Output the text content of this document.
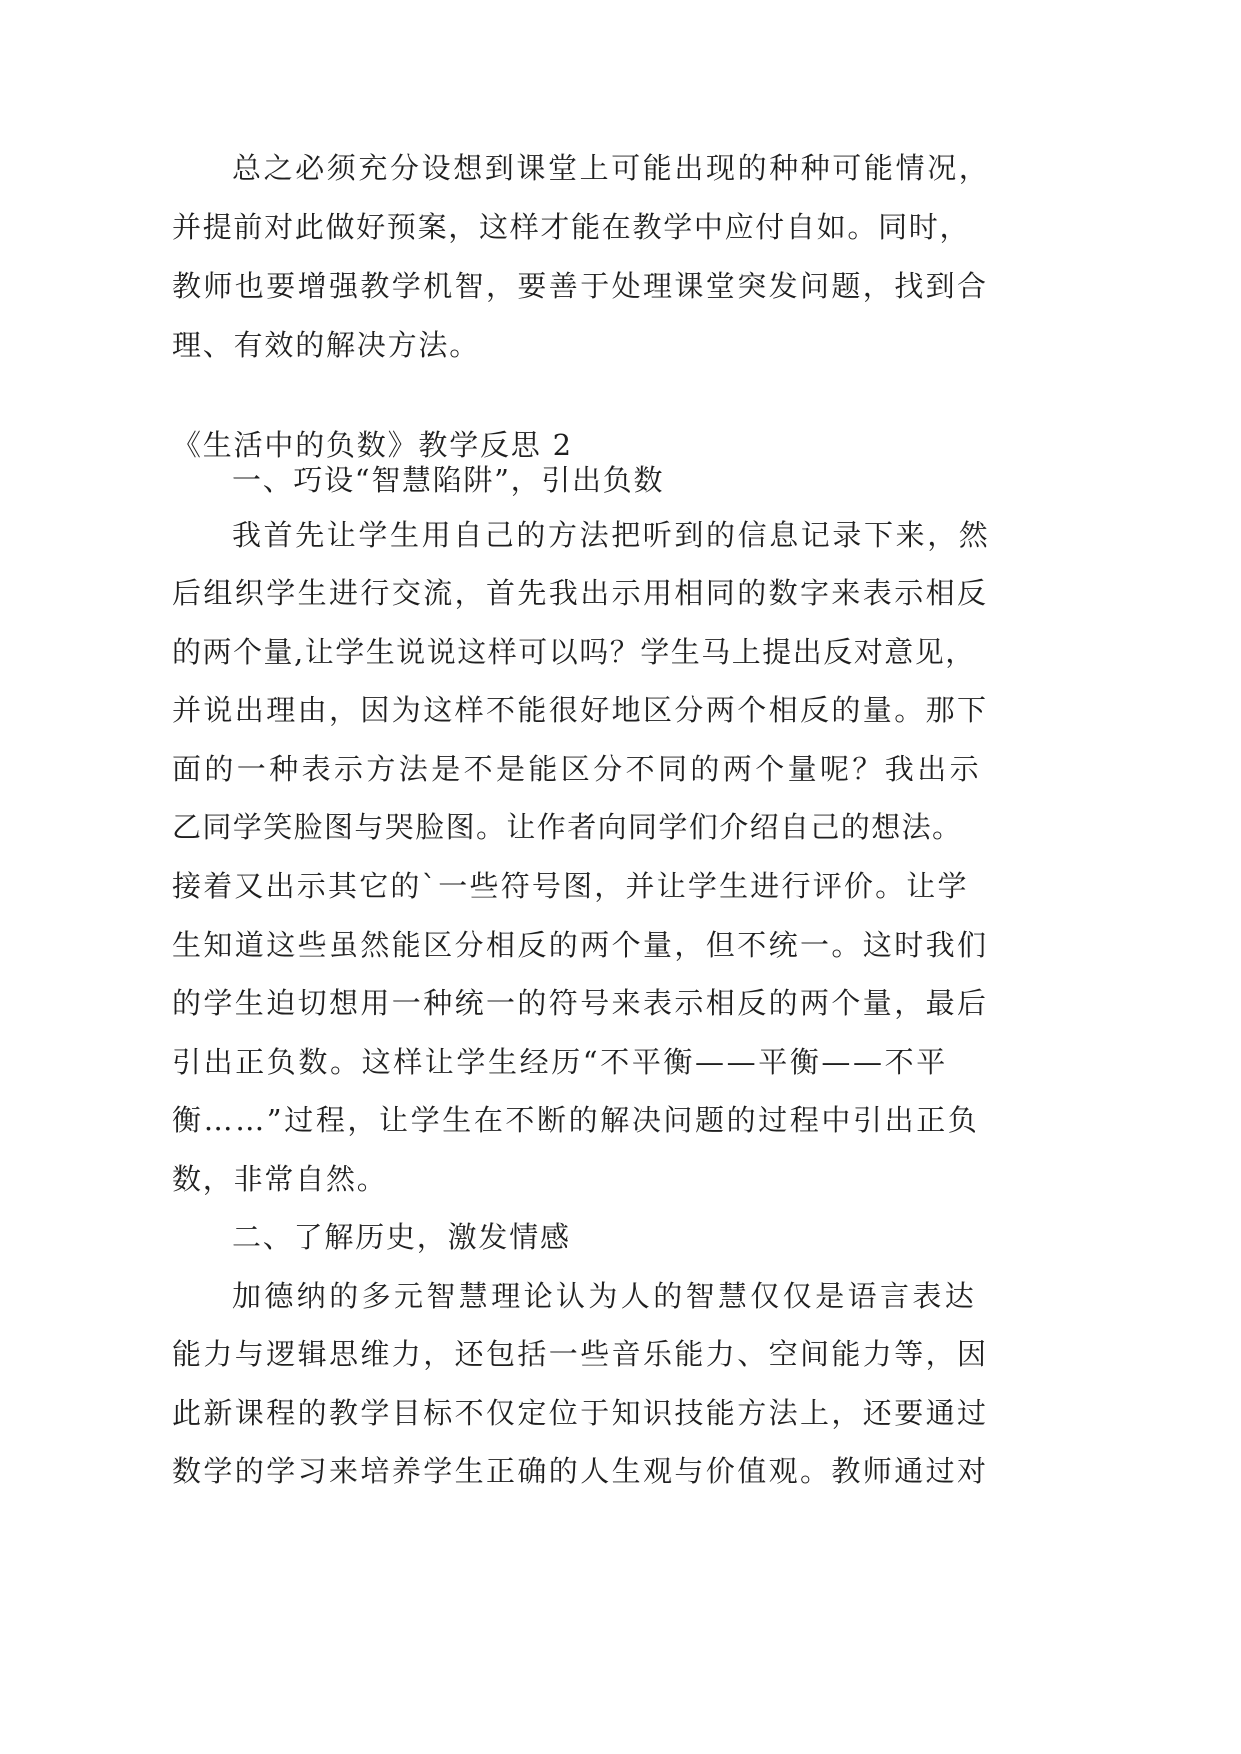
总之必须充分设想到课堂上可能出现的种种可能情况，
并提前对此做好预案，这样才能在教学中应付自如。同时，
教师也要增强教学机智，要善于处理课堂突发问题，找到合
理、有效的解决方法。
《生活中的负数》教学反思 2
一、巧设“智慧陷阱”，引出负数
我首先让学生用自己的方法把听到的信息记录下来，然
后组织学生进行交流，首先我出示用相同的数字来表示相反
的两个量,让学生说说这样可以吗？学生马上提出反对意见，
并说出理由，因为这样不能很好地区分两个相反的量。那下
面的一种表示方法是不是能区分不同的两个量呢？我出示
乙同学笑脸图与哭脸图。让作者向同学们介绍自己的想法。
接着又出示其它的`一些符号图，并让学生进行评价。让学
生知道这些虽然能区分相反的两个量，但不统一。这时我们
的学生迫切想用一种统一的符号来表示相反的两个量，最后
引出正负数。这样让学生经历“不平衡——平衡——不平
衡……”过程，让学生在不断的解决问题的过程中引出正负
数，非常自然。
二、了解历史，激发情感
加德纳的多元智慧理论认为人的智慧仅仅是语言表达
能力与逻辑思维力，还包括一些音乐能力、空间能力等，因
此新课程的教学目标不仅定位于知识技能方法上，还要通过
数学的学习来培养学生正确的人生观与价值观。教师通过对
